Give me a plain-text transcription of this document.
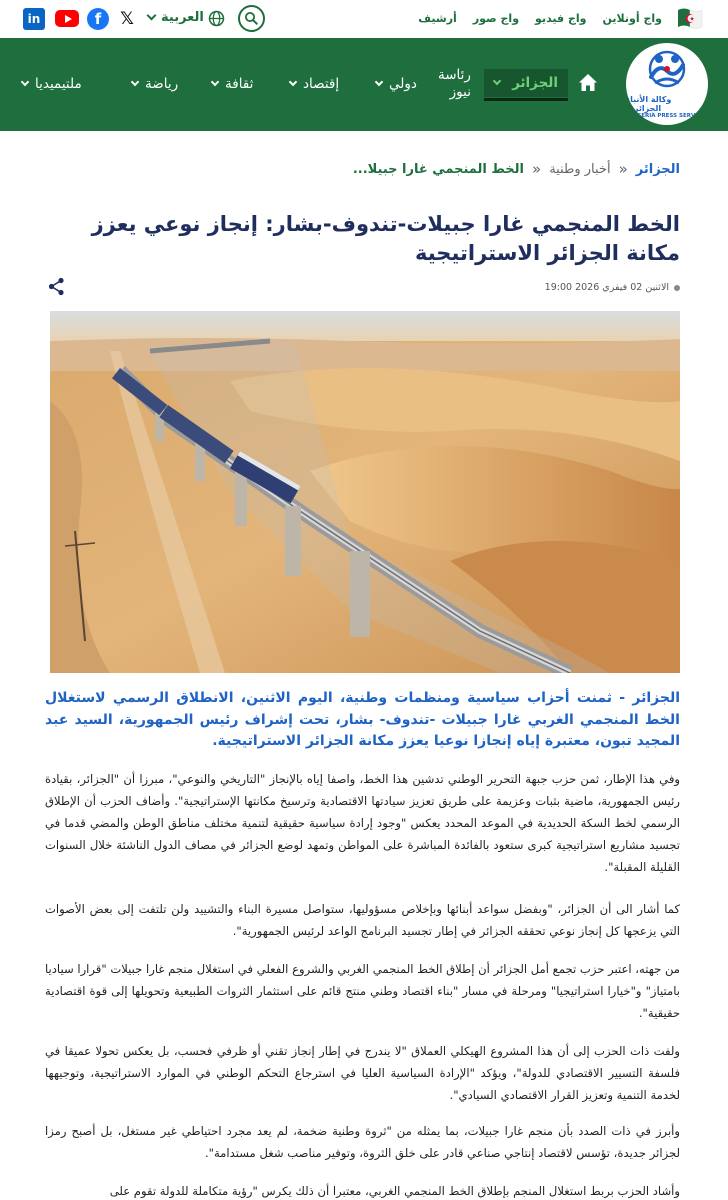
in	f	𝕏	العربية	أرشيف واج صور واج فيديو واج أونلاين
ملتيميديا	رياضة	ثقافة	إقتصاد	دولي
رئاسة
نيوز
الجزائر
وكالة الأنباء الجزائرية
ALGERIA PRESS SERVICE
الجزائر
«
أخبار وطنية
«
الخط المنجمي غارا جبيلا...
الخط المنجمي غارا جبيلات-تندوف-بشار: إنجاز نوعي يعزز مكانة الجزائر الاستراتيجية
الاثنين 02 فيفري 2026 19:00

الجزائر - ثمنت أحزاب سياسية ومنظمات وطنية، اليوم الاثنين، الانطلاق الرسمي لاستغلال الخط المنجمي الغربي غارا جبيلات -تندوف- بشار، تحت إشراف رئيس الجمهورية، السيد عبد المجيد تبون، معتبرة إياه إنجازا نوعيا يعزز مكانة الجزائر الاستراتيجية.

وفي هذا الإطار، ثمن حزب جبهة التحرير الوطني تدشين هذا الخط، واصفا إياه بالإنجاز "التاريخي والنوعي"، مبرزا أن "الجزائر، بقيادة رئيس الجمهورية، ماضية بثبات وعزيمة على طريق تعزيز سيادتها الاقتصادية وترسيخ مكانتها الإستراتيجية". وأضاف الحزب أن الإطلاق الرسمي لخط السكة الحديدية في الموعد المحدد يعكس "وجود إرادة سياسية حقيقية لتنمية مختلف مناطق الوطن والمضي قدما في تجسيد مشاريع استراتيجية كبرى ستعود بالفائدة المباشرة على المواطن وتمهد لوضع الجزائر في مصاف الدول الناشئة خلال السنوات القليلة المقبلة".

كما أشار الى أن الجزائر، "وبفضل سواعد أبنائها وبإخلاص مسؤوليها، ستواصل مسيرة البناء والتشييد ولن تلتفت إلى بعض الأصوات التي يزعجها كل إنجاز نوعي تحققه الجزائر في إطار تجسيد البرنامج الواعد لرئيس الجمهورية".

من جهته، اعتبر حزب تجمع أمل الجزائر أن إطلاق الخط المنجمي الغربي والشروع الفعلي في استغلال منجم غارا جبيلات "قرارا سياديا بامتياز" و"خيارا استراتيجيا" ومرحلة في مسار "بناء اقتصاد وطني منتج قائم على استثمار الثروات الطبيعية وتحويلها إلى قوة اقتصادية حقيقية".

ولفت ذات الحزب إلى أن هذا المشروع الهيكلي العملاق "لا يندرج في إطار إنجاز تقني أو ظرفي فحسب، بل يعكس تحولا عميقا في فلسفة التسيير الاقتصادي للدولة"، ويؤكد "الإرادة السياسية العليا في استرجاع التحكم الوطني في الموارد الاستراتيجية، وتوجيهها لخدمة التنمية وتعزيز القرار الاقتصادي السيادي".

وأبرز في ذات الصدد بأن منجم غارا جبيلات، بما يمثله من "ثروة وطنية ضخمة، لم يعد مجرد احتياطي غير مستغل، بل أصبح رمزا لجزائر جديدة، تؤسس لاقتصاد إنتاجي صناعي قادر على خلق الثروة، وتوفير مناصب شغل مستدامة".

وأشاد الحزب بربط استغلال المنجم بإطلاق الخط المنجمي الغربي، معتبرا أن ذلك يكرس "رؤية متكاملة للدولة تقوم على
